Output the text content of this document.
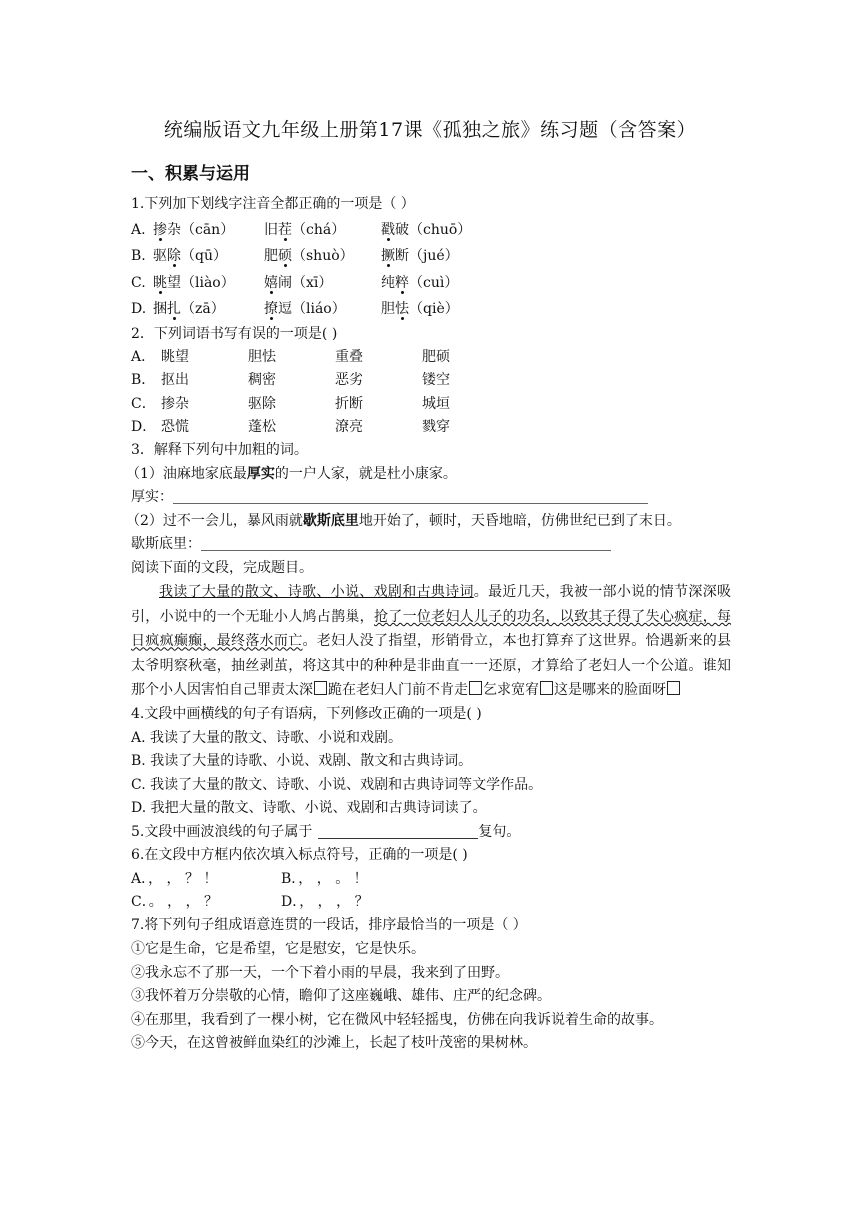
统编版语文九年级上册第17课《孤独之旅》练习题（含答案）
一、积累与运用
1.下列加下划线字注音全都正确的一项是（ ）
A. 掺杂（cān）	旧茬（chá）	戳破（chuō）
B. 驱除（qū）	肥硕（shuò）	撅断（jué）
C. 眺望（liào）	嬉闹（xī）	纯粹（cuì）
D. 捆扎（zā）	撩逗（liáo）	胆怯（qiè）
2．下列词语书写有误的一项是( )
A． 眺望	胆怯	重叠	肥硕
B． 抠出	稠密	恶劣	镂空
C． 掺杂	驱除	折断	城垣
D． 恐慌	蓬松	潦亮	戮穿
3．解释下列句中加粗的词。
（1）油麻地家底最厚实的一户人家，就是杜小康家。
厚实：
（2）过不一会儿，暴风雨就歇斯底里地开始了，顿时，天昏地暗，仿佛世纪已到了末日。
歇斯底里：
阅读下面的文段，完成题目。
我读了大量的散文、诗歌、小说、戏剧和古典诗词。最近几天，我被一部小说的情节深深吸引，小说中的一个无耻小人鸠占鹊巢，抢了一位老妇人儿子的功名，以致其子得了失心疯症，每日疯疯癫癫，最终落水而亡。老妇人没了指望，形销骨立，本也打算弃了这世界。恰遇新来的县太爷明察秋毫，抽丝剥茧，将这其中的种种是非曲直一一还原，才算给了老妇人一个公道。谁知那个小人因害怕自己罪责太深 跪在老妇人门前不肯走 乞求宽宥 这是哪来的脸面呀
4.文段中画横线的句子有语病，下列修改正确的一项是( )
A. 我读了大量的散文、诗歌、小说和戏剧。
B. 我读了大量的诗歌、小说、戏剧、散文和古典诗词。
C. 我读了大量的散文、诗歌、小说、戏剧和古典诗词等文学作品。
D. 我把大量的散文、诗歌、小说、戏剧和古典诗词读了。
5.文段中画波浪线的句子属于	复句。
6.在文段中方框内依次填入标点符号，正确的一项是( )
A．， ， ？ ！	B．， ， 。 ！
C．。 ， ， ？	D．， ， ， ？
7.将下列句子组成语意连贯的一段话，排序最恰当的一项是（ ）
①它是生命，它是希望，它是慰安，它是快乐。
②我永忘不了那一天，一个下着小雨的早晨，我来到了田野。
③我怀着万分崇敬的心情，瞻仰了这座巍峨、雄伟、庄严的纪念碑。
④在那里，我看到了一棵小树，它在微风中轻轻摇曳，仿佛在向我诉说着生命的故事。
⑤今天，在这曾被鲜血染红的沙滩上，长起了枝叶茂密的果树林。
